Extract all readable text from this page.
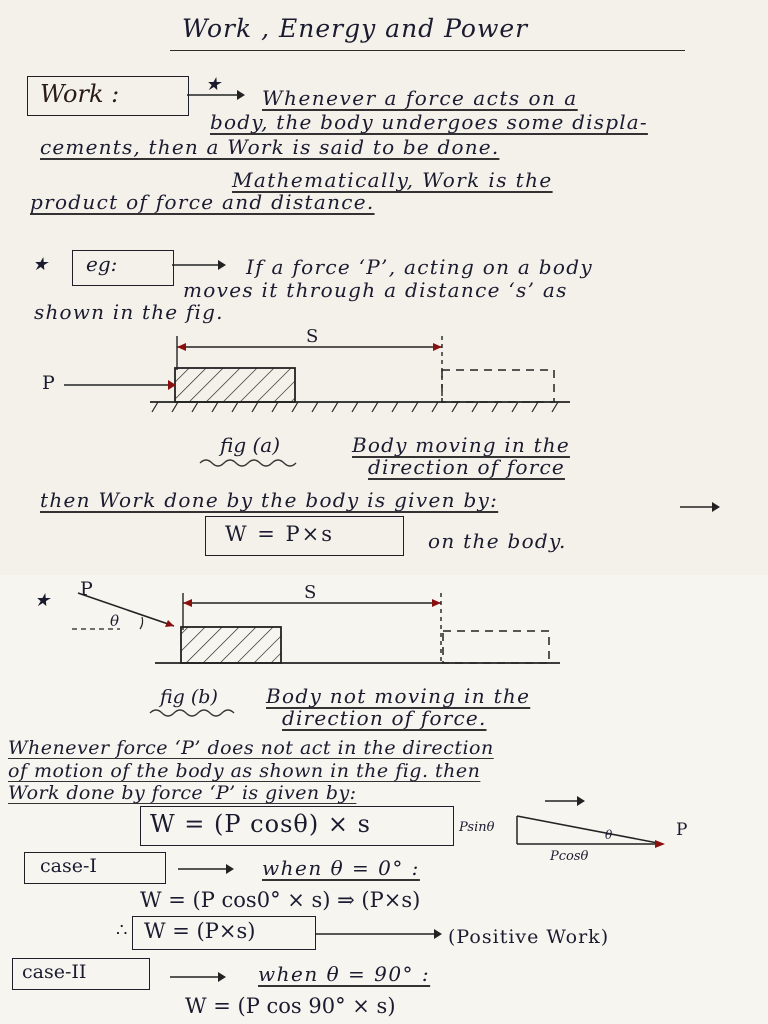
Work , Energy and Power
Work :	★
Whenever a force acts on a
body, the body undergoes some displa-
cements, then a Work is said to be done.
Mathematically, Work is the
product of force and distance.
★ eg:	If a force ‘P’, acting on a body
moves it through a distance ‘s’ as
shown in the fig.
S
P
fig (a)	Body moving in the
direction of force
then Work done by the body is given by:
W = P×s	on the body.
★
P
θ
S
fig (b) Body not moving in the
direction of force.
Whenever force ‘P’ does not act in the direction
of motion of the body as shown in the fig. then
Work done by force ‘P’ is given by:
W = (P cosθ) × s	Psinθ
Pcosθ
P
θ
case-I	when θ = 0° :
W = (P cos0° × s) ⇒ (P×s)
∴ W = (P×s)	(Positive Work)
case-II	when θ = 90° :
W = (P cos 90° × s)
